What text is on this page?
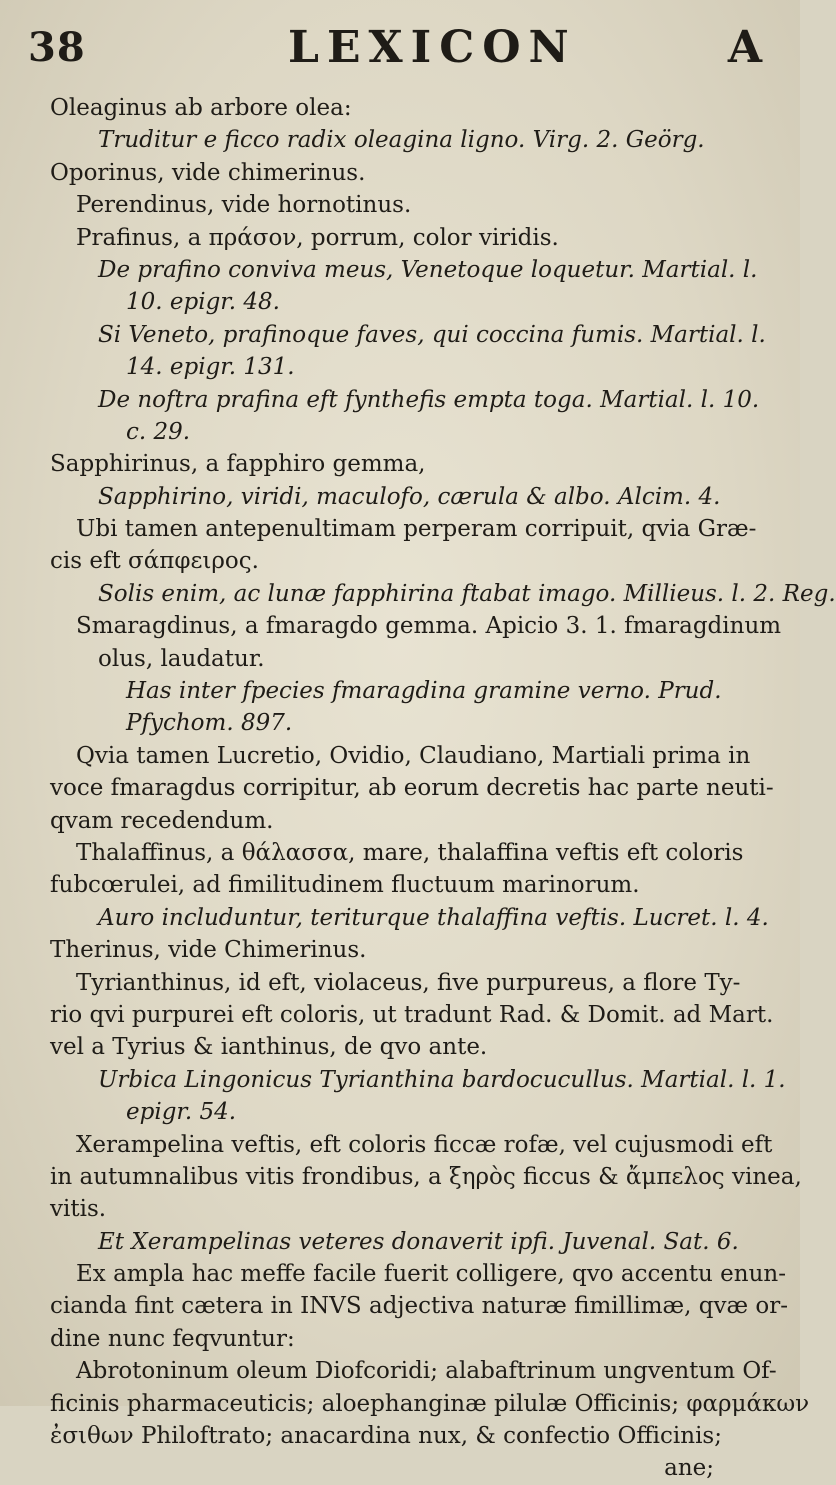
38	LEXICON	A
Oleaginus ab arbore olea:
Truditur e ficco radix oleagina ligno. Virg. 2. Geörg.
Oporinus, vide chimerinus.
Perendinus, vide hornotinus.
Prafinus, a πράσον, porrum, color viridis.
De prafino conviva meus, Venetoque loquetur. Martial. l.
10. epigr. 48.
Si Veneto, prafinoque faves, qui coccina fumis. Martial. l.
14. epigr. 131.
De noftra prafina eft fynthefis empta toga. Martial. l. 10.
c. 29.
Sapphirinus, a fapphiro gemma,
Sapphirino, viridi, maculofo, cærula & albo. Alcim. 4.
Ubi tamen antepenultimam perperam corripuit, qvia Græ-
cis eft σάπφειρος.
Solis enim, ac lunæ fapphirina ftabat imago. Millieus. l. 2. Reg.
Smaragdinus, a fmaragdo gemma. Apicio 3. 1. fmaragdinum
olus, laudatur.
Has inter fpecies fmaragdina gramine verno. Prud.
Pfychom. 897.
Qvia tamen Lucretio, Ovidio, Claudiano, Martiali prima in
voce fmaragdus corripitur, ab eorum decretis hac parte neuti-
qvam recedendum.
Thalaffinus, a θάλασσα, mare, thalaffina veftis eft coloris
fubcœrulei, ad fimilitudinem fluctuum marinorum.
Auro includuntur, teriturque thalaffina veftis. Lucret. l. 4.
Therinus, vide Chimerinus.
Tyrianthinus, id eft, violaceus, five purpureus, a flore Ty-
rio qvi purpurei eft coloris, ut tradunt Rad. & Domit. ad Mart.
vel a Tyrius & ianthinus, de qvo ante.
Urbica Lingonicus Tyrianthina bardocucullus. Martial. l. 1.
epigr. 54.
Xerampelina veftis, eft coloris ficcæ rofæ, vel cujusmodi eft
in autumnalibus vitis frondibus, a ξηρὸς ficcus & ἄμπελος vinea,
vitis.
Et Xerampelinas veteres donaverit ipfi. Juvenal. Sat. 6.
Ex ampla hac meffe facile fuerit colligere, qvo accentu enun-
cianda fint cætera in INVS adjectiva naturæ fimillimæ, qvæ or-
dine nunc feqvuntur:
Abrotoninum oleum Diofcoridi; alabaftrinum ungventum Of-
ficinis pharmaceuticis; aloephanginæ pilulæ Officinis; φαρμάκων
ἐσιθων Philoftrato; anacardina nux, & confectio Officinis;
ane;
